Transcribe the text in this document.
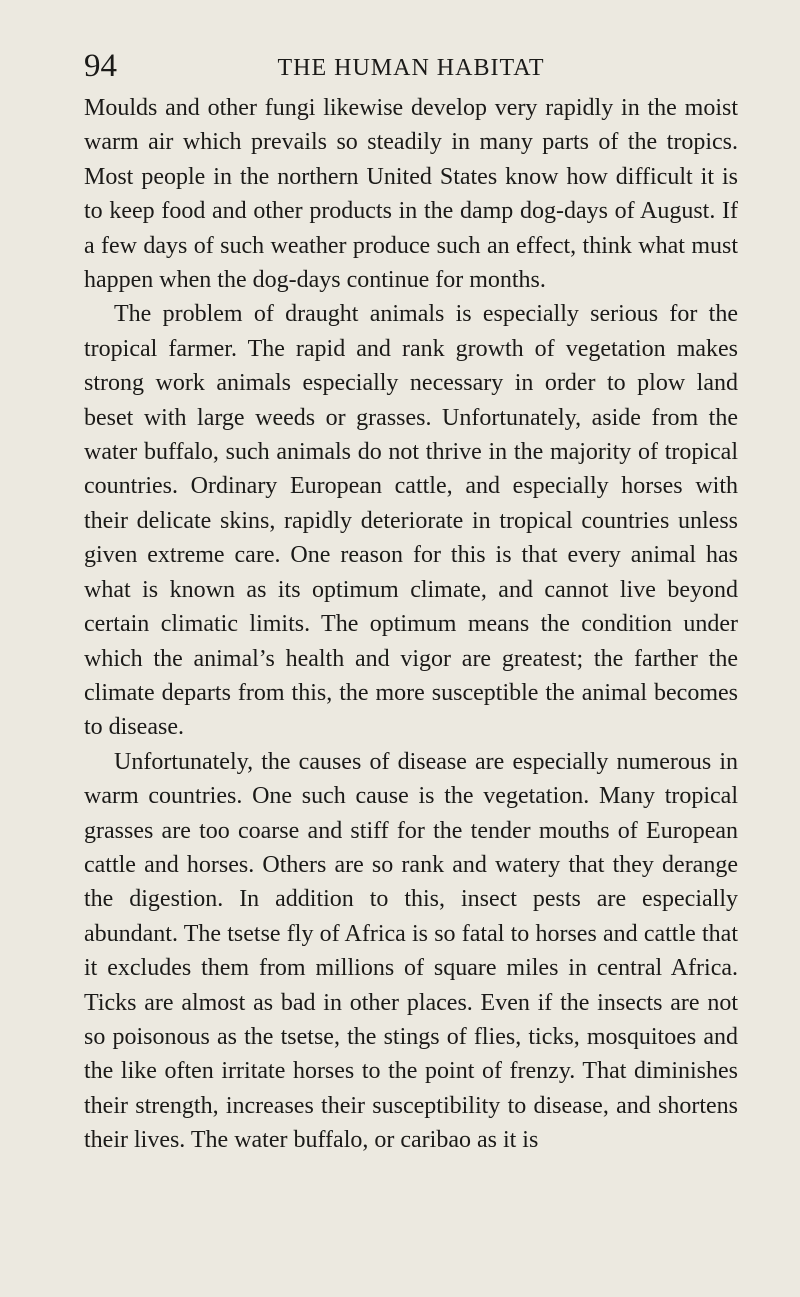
94	THE HUMAN HABITAT

Moulds and other fungi likewise develop very rapidly in the moist warm air which prevails so steadily in many parts of the tropics. Most people in the northern United States know how difficult it is to keep food and other products in the damp dog-days of August. If a few days of such weather produce such an effect, think what must happen when the dog-days continue for months.

The problem of draught animals is especially serious for the tropical farmer. The rapid and rank growth of vegetation makes strong work animals especially necessary in order to plow land beset with large weeds or grasses. Unfortunately, aside from the water buffalo, such animals do not thrive in the majority of tropical countries. Ordinary European cattle, and especially horses with their delicate skins, rapidly deteriorate in tropical countries unless given extreme care. One reason for this is that every animal has what is known as its optimum climate, and cannot live beyond certain climatic limits. The optimum means the condition under which the animal’s health and vigor are greatest; the farther the climate departs from this, the more susceptible the animal becomes to disease.

Unfortunately, the causes of disease are especially numerous in warm countries. One such cause is the vegetation. Many tropical grasses are too coarse and stiff for the tender mouths of European cattle and horses. Others are so rank and watery that they derange the digestion. In addition to this, insect pests are especially abundant. The tsetse fly of Africa is so fatal to horses and cattle that it excludes them from millions of square miles in central Africa. Ticks are almost as bad in other places. Even if the insects are not so poisonous as the tsetse, the stings of flies, ticks, mosquitoes and the like often irritate horses to the point of frenzy. That diminishes their strength, increases their susceptibility to disease, and shortens their lives. The water buffalo, or caribao as it is
